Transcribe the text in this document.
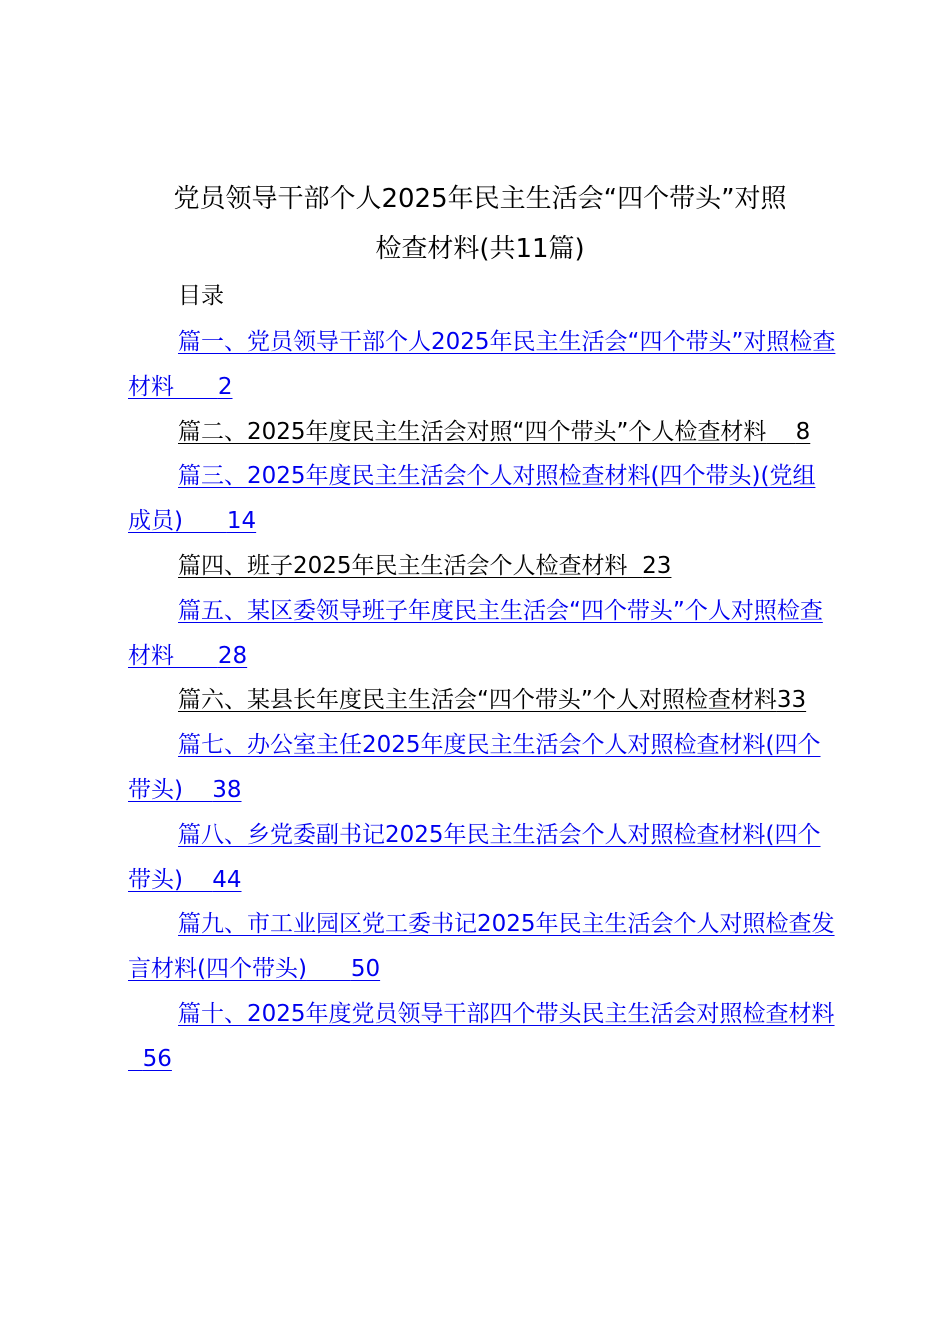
党员领导干部个人2025年民主生活会“四个带头”对照
检查材料(共11篇)
目录
篇一、党员领导干部个人2025年民主生活会“四个带头”对照检查材料 2
篇二、2025年度民主生活会对照“四个带头”个人检查材料 8
篇三、2025年度民主生活会个人对照检查材料(四个带头)(党组成员) 14
篇四、班子2025年民主生活会个人检查材料 23
篇五、某区委领导班子年度民主生活会“四个带头”个人对照检查材料 28
篇六、某县长年度民主生活会“四个带头”个人对照检查材料33
篇七、办公室主任2025年度民主生活会个人对照检查材料(四个带头) 38
篇八、乡党委副书记2025年民主生活会个人对照检查材料(四个带头) 44
篇九、市工业园区党工委书记2025年民主生活会个人对照检查发言材料(四个带头) 50
篇十、2025年度党员领导干部四个带头民主生活会对照检查材料  56
